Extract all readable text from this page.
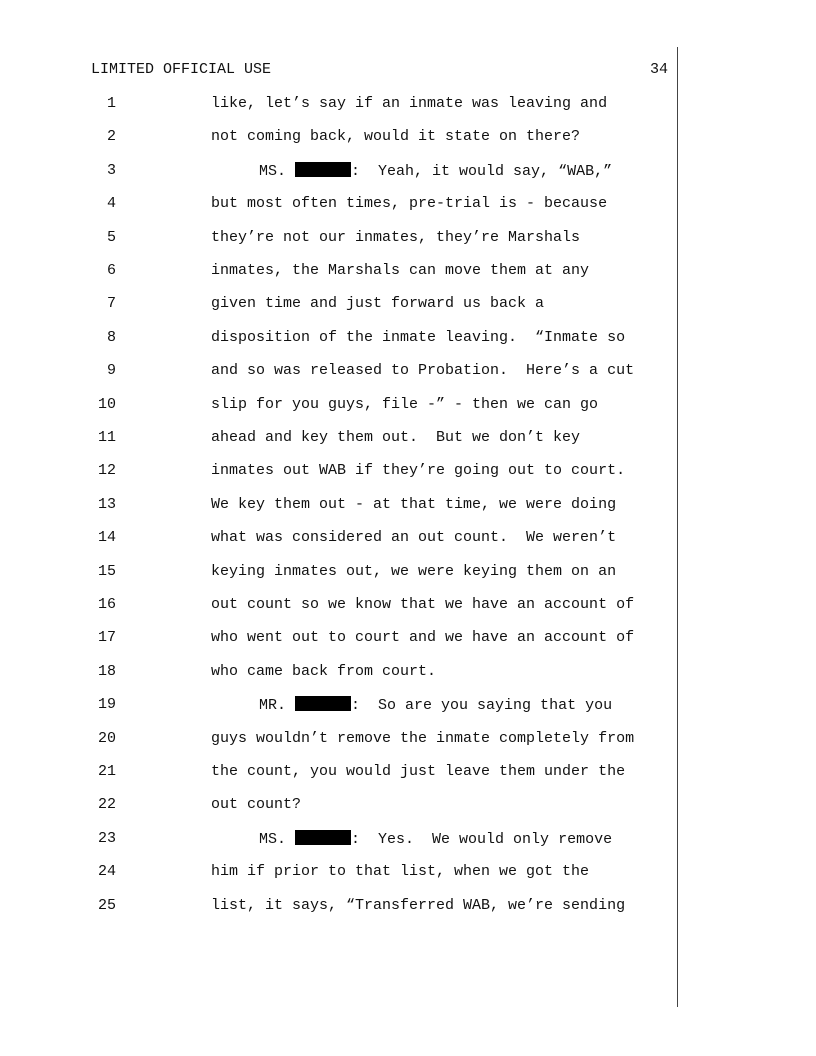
LIMITED OFFICIAL USE	34
1	like, let’s say if an inmate was leaving and
2	not coming back, would it state on there?
3	MS.	:  Yeah, it would say, “WAB,”
4	but most often times, pre-trial is - because
5	they’re not our inmates, they’re Marshals
6	inmates, the Marshals can move them at any
7	given time and just forward us back a
8	disposition of the inmate leaving.  “Inmate so
9	and so was released to Probation.  Here’s a cut
10	slip for you guys, file -” - then we can go
11	ahead and key them out.  But we don’t key
12	inmates out WAB if they’re going out to court.
13	We key them out - at that time, we were doing
14	what was considered an out count.  We weren’t
15	keying inmates out, we were keying them on an
16	out count so we know that we have an account of
17	who went out to court and we have an account of
18	who came back from court.
19	MR.	:  So are you saying that you
20	guys wouldn’t remove the inmate completely from
21	the count, you would just leave them under the
22	out count?
23	MS.	:  Yes.  We would only remove
24	him if prior to that list, when we got the
25	list, it says, “Transferred WAB, we’re sending
